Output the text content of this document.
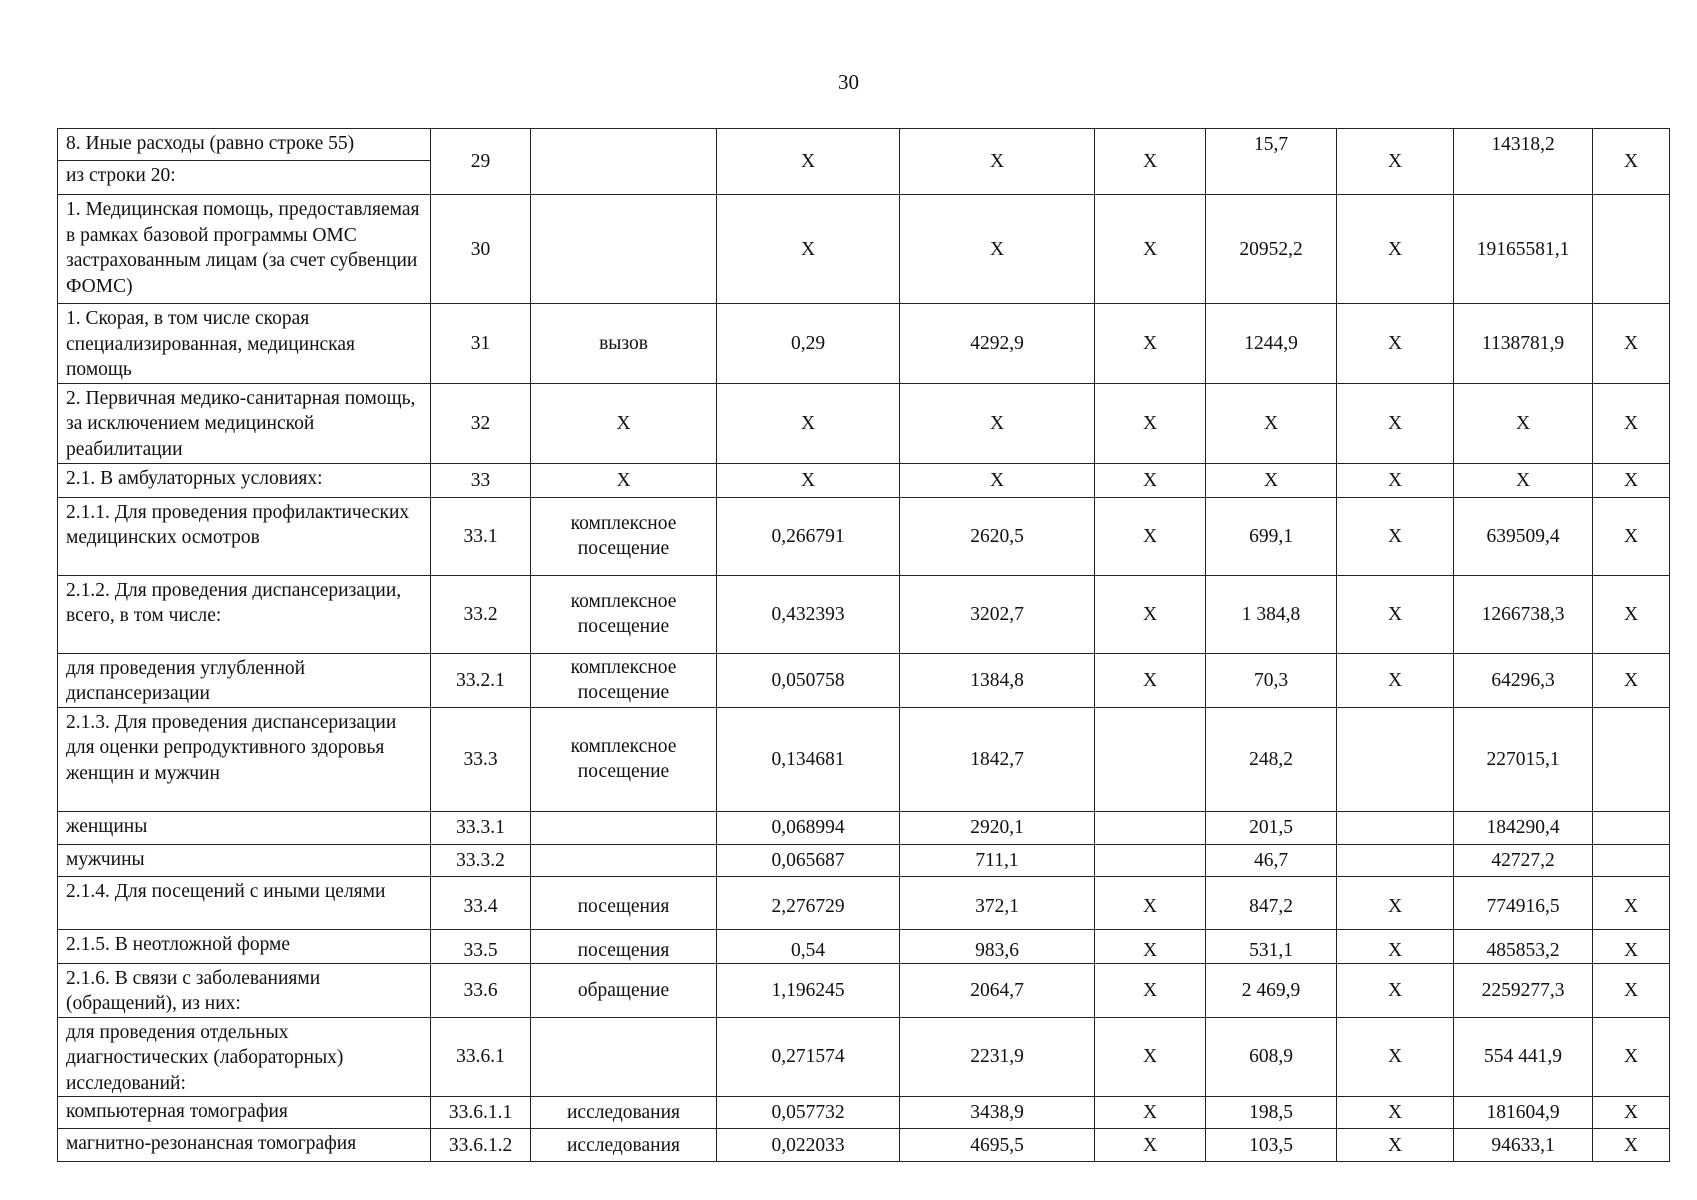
30
8. Иные расходы (равно строке 55)	29		Х	Х	Х	15,7	Х	14318,2	Х
из строки 20:									
1. Медицинская помощь, предоставляемая в рамках базовой программы ОМС застрахованным лицам (за счет субвенции ФОМС)	30		Х	Х	Х	20952,2	Х	19165581,1	
1. Скорая, в том числе скорая специализированная, медицинская помощь	31	вызов	0,29	4292,9	Х	1244,9	Х	1138781,9	Х
2. Первичная медико-санитарная помощь, за исключением медицинской реабилитации	32	Х	Х	Х	Х	Х	Х	Х	Х
2.1. В амбулаторных условиях:	33	Х	Х	Х	Х	Х	Х	Х	Х
2.1.1. Для проведения профилактических медицинских осмотров	33.1	комплексное посещение	0,266791	2620,5	Х	699,1	Х	639509,4	Х
2.1.2. Для проведения диспансеризации, всего, в том числе:	33.2	комплексное посещение	0,432393	3202,7	Х	1 384,8	Х	1266738,3	Х
для проведения углубленной диспансеризации	33.2.1	комплексное посещение	0,050758	1384,8	Х	70,3	Х	64296,3	Х
2.1.3. Для проведения диспансеризации для оценки репродуктивного здоровья женщин и мужчин	33.3	комплексное посещение	0,134681	1842,7		248,2		227015,1	
женщины	33.3.1		0,068994	2920,1		201,5		184290,4	
мужчины	33.3.2		0,065687	711,1		46,7		42727,2	
2.1.4. Для посещений с иными целями	33.4	посещения	2,276729	372,1	Х	847,2	Х	774916,5	Х
2.1.5. В неотложной форме	33.5	посещения	0,54	983,6	Х	531,1	Х	485853,2	Х
2.1.6. В связи с заболеваниями (обращений), из них:	33.6	обращение	1,196245	2064,7	Х	2 469,9	Х	2259277,3	Х
для проведения отдельных диагностических (лабораторных) исследований:	33.6.1		0,271574	2231,9	Х	608,9	Х	554 441,9	Х
компьютерная томография	33.6.1.1	исследования	0,057732	3438,9	Х	198,5	Х	181604,9	Х
магнитно-резонансная томография	33.6.1.2	исследования	0,022033	4695,5	Х	103,5	Х	94633,1	Х
